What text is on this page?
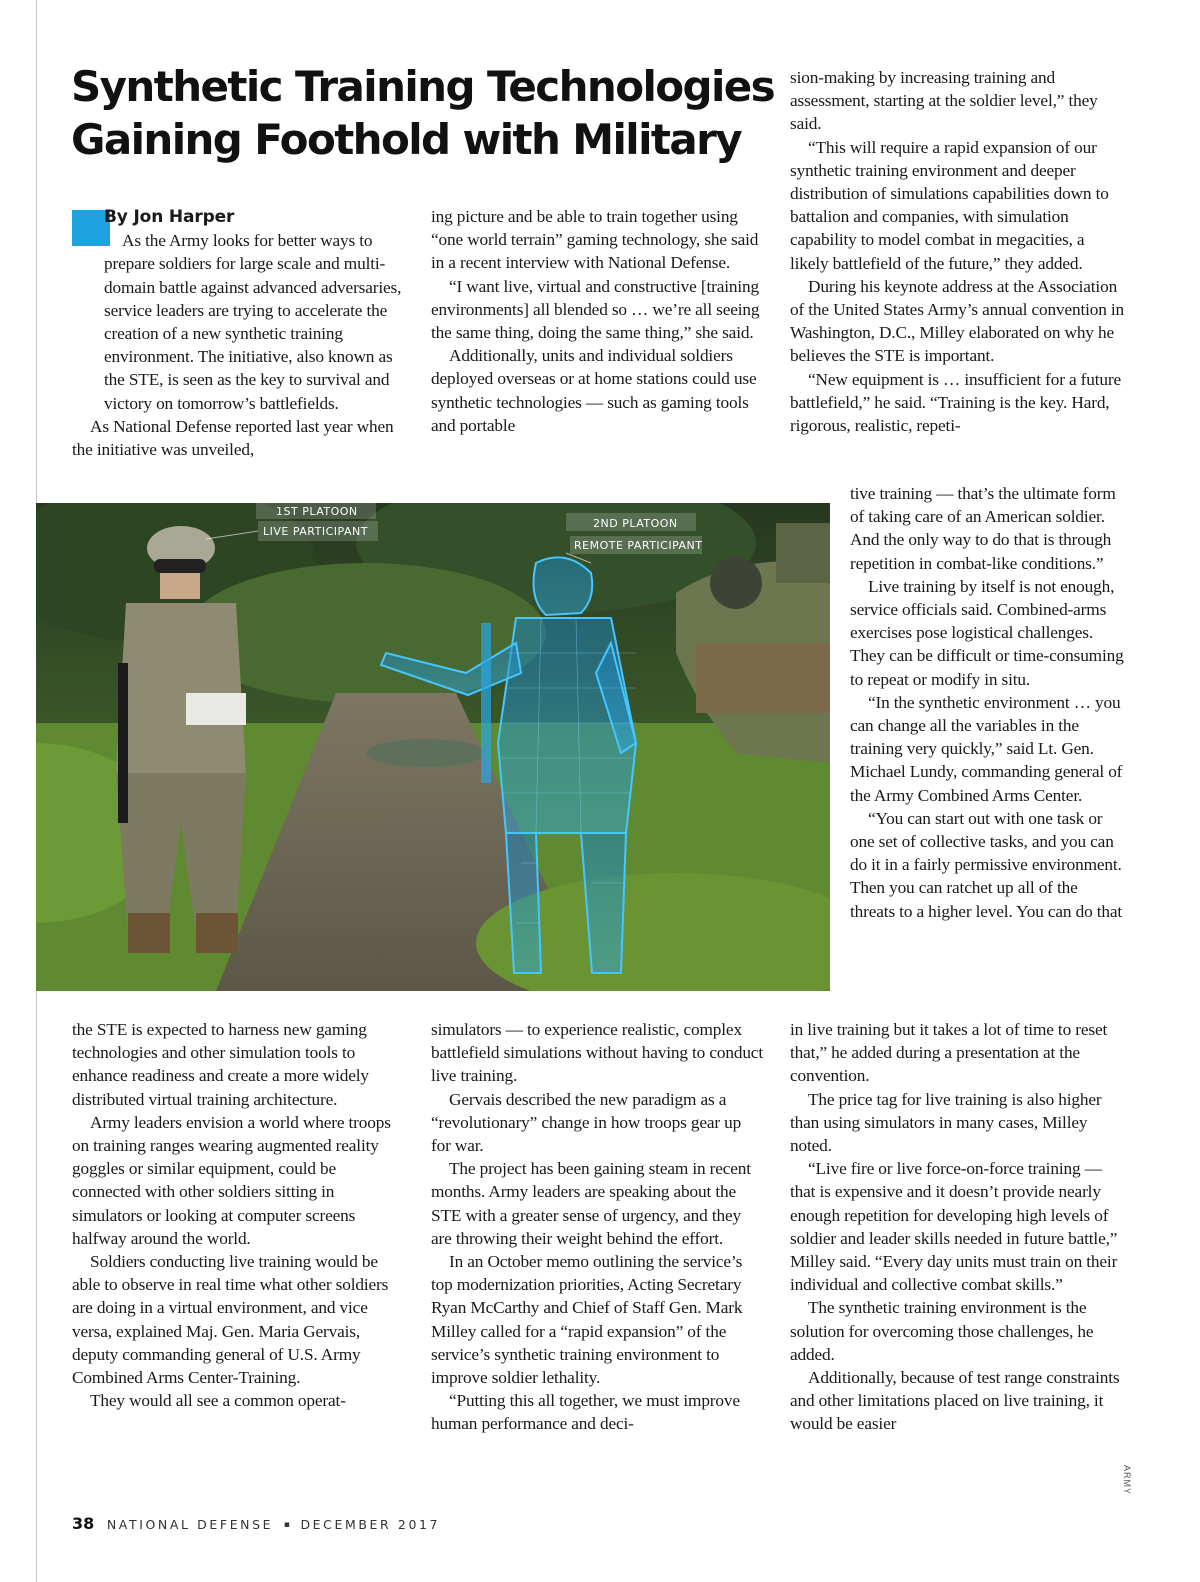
Synthetic Training Technologies Gaining Foothold with Military

By Jon Harper

As the Army looks for better ways to prepare soldiers for large scale and multi-domain battle against advanced adversaries, service leaders are trying to accelerate the creation of a new synthetic training environment. The initiative, also known as the STE, is seen as the key to survival and victory on tomorrow’s battlefields.

As National Defense reported last year when the initiative was unveiled,

ing picture and be able to train together using “one world terrain” gaming technology, she said in a recent interview with National Defense.

“I want live, virtual and constructive [training environments] all blended so … we’re all seeing the same thing, doing the same thing,” she said.

Additionally, units and individual soldiers deployed overseas or at home stations could use synthetic technologies — such as gaming tools and portable

sion-making by increasing training and assessment, starting at the soldier level,” they said.

“This will require a rapid expansion of our synthetic training environment and deeper distribution of simulations capabilities down to battalion and companies, with simulation capability to model combat in megacities, a likely battlefield of the future,” they added.

During his keynote address at the Association of the United States Army’s annual convention in Washington, D.C., Milley elaborated on why he believes the STE is important.

“New equipment is … insufficient for a future battlefield,” he said. “Training is the key. Hard, rigorous, realistic, repeti-

1ST PLATOON
LIVE PARTICIPANT
2ND PLATOON
REMOTE PARTICIPANT

tive training — that’s the ultimate form of taking care of an American soldier. And the only way to do that is through repetition in combat-like conditions.”

Live training by itself is not enough, service officials said. Combined-arms exercises pose logistical challenges. They can be difficult or time-consuming to repeat or modify in situ.

“In the synthetic environment … you can change all the variables in the training very quickly,” said Lt. Gen. Michael Lundy, commanding general of the Army Combined Arms Center.

“You can start out with one task or one set of collective tasks, and you can do it in a fairly permissive environment. Then you can ratchet up all of the threats to a higher level. You can do that

the STE is expected to harness new gaming technologies and other simulation tools to enhance readiness and create a more widely distributed virtual training architecture.

Army leaders envision a world where troops on training ranges wearing augmented reality goggles or similar equipment, could be connected with other soldiers sitting in simulators or looking at computer screens halfway around the world.

Soldiers conducting live training would be able to observe in real time what other soldiers are doing in a virtual environment, and vice versa, explained Maj. Gen. Maria Gervais, deputy commanding general of U.S. Army Combined Arms Center-Training.

They would all see a common operat-

simulators — to experience realistic, complex battlefield simulations without having to conduct live training.

Gervais described the new paradigm as a “revolutionary” change in how troops gear up for war.

The project has been gaining steam in recent months. Army leaders are speaking about the STE with a greater sense of urgency, and they are throwing their weight behind the effort.

In an October memo outlining the service’s top modernization priorities, Acting Secretary Ryan McCarthy and Chief of Staff Gen. Mark Milley called for a “rapid expansion” of the service’s synthetic training environment to improve soldier lethality.

“Putting this all together, we must improve human performance and deci-

in live training but it takes a lot of time to reset that,” he added during a presentation at the convention.

The price tag for live training is also higher than using simulators in many cases, Milley noted.

“Live fire or live force-on-force training — that is expensive and it doesn’t provide nearly enough repetition for developing high levels of soldier and leader skills needed in future battle,” Milley said. “Every day units must train on their individual and collective combat skills.”

The synthetic training environment is the solution for overcoming those challenges, he added.

Additionally, because of test range constraints and other limitations placed on live training, it would be easier

ARMY
38 NATIONAL DEFENSE ▪ DECEMBER 2017
